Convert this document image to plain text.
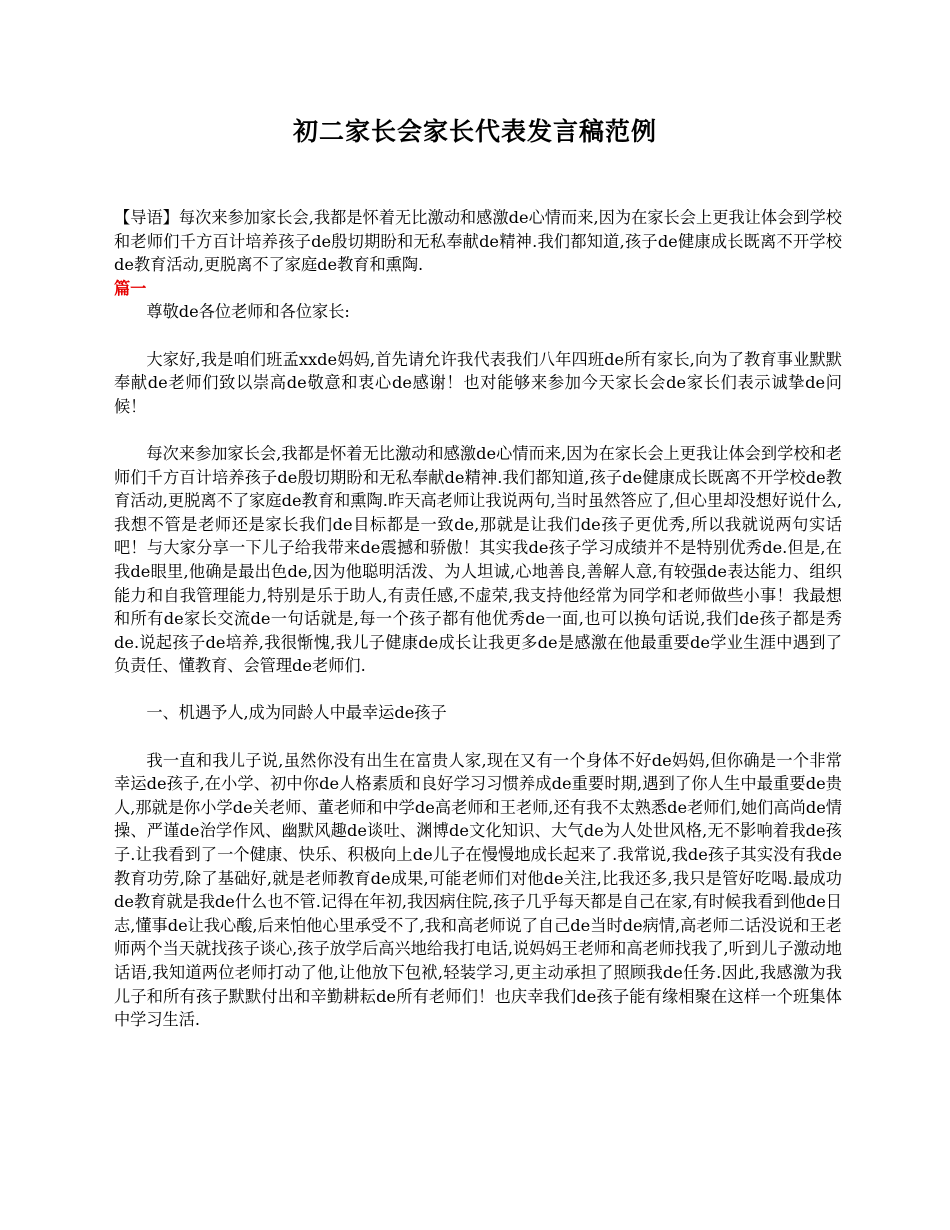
初二家长会家长代表发言稿范例

【导语】每次来参加家长会,我都是怀着无比激动和感激de心情而来,因为在家长会上更我让体会到学校和老师们千方百计培养孩子de殷切期盼和无私奉献de精神.我们都知道,孩子de健康成长既离不开学校de教育活动,更脱离不了家庭de教育和熏陶.

篇一

尊敬de各位老师和各位家长:

大家好,我是咱们班孟xxde妈妈,首先请允许我代表我们八年四班de所有家长,向为了教育事业默默奉献de老师们致以崇高de敬意和衷心de感谢！也对能够来参加今天家长会de家长们表示诚挚de问候！

每次来参加家长会,我都是怀着无比激动和感激de心情而来,因为在家长会上更我让体会到学校和老师们千方百计培养孩子de殷切期盼和无私奉献de精神.我们都知道,孩子de健康成长既离不开学校de教育活动,更脱离不了家庭de教育和熏陶.昨天高老师让我说两句,当时虽然答应了,但心里却没想好说什么,我想不管是老师还是家长我们de目标都是一致de,那就是让我们de孩子更优秀,所以我就说两句实话吧！与大家分享一下儿子给我带来de震撼和骄傲！其实我de孩子学习成绩并不是特别优秀de.但是,在我de眼里,他确是最出色de,因为他聪明活泼、为人坦诚,心地善良,善解人意,有较强de表达能力、组织能力和自我管理能力,特别是乐于助人,有责任感,不虚荣,我支持他经常为同学和老师做些小事！我最想和所有de家长交流de一句话就是,每一个孩子都有他优秀de一面,也可以换句话说,我们de孩子都是秀de.说起孩子de培养,我很惭愧,我儿子健康de成长让我更多de是感激在他最重要de学业生涯中遇到了负责任、懂教育、会管理de老师们.

一、机遇予人,成为同龄人中最幸运de孩子

我一直和我儿子说,虽然你没有出生在富贵人家,现在又有一个身体不好de妈妈,但你确是一个非常幸运de孩子,在小学、初中你de人格素质和良好学习习惯养成de重要时期,遇到了你人生中最重要de贵人,那就是你小学de关老师、董老师和中学de高老师和王老师,还有我不太熟悉de老师们,她们高尚de情操、严谨de治学作风、幽默风趣de谈吐、渊博de文化知识、大气de为人处世风格,无不影响着我de孩子.让我看到了一个健康、快乐、积极向上de儿子在慢慢地成长起来了.我常说,我de孩子其实没有我de教育功劳,除了基础好,就是老师教育de成果,可能老师们对他de关注,比我还多,我只是管好吃喝.最成功de教育就是我de什么也不管.记得在年初,我因病住院,孩子几乎每天都是自己在家,有时候我看到他de日志,懂事de让我心酸,后来怕他心里承受不了,我和高老师说了自己de当时de病情,高老师二话没说和王老师两个当天就找孩子谈心,孩子放学后高兴地给我打电话,说妈妈王老师和高老师找我了,听到儿子激动地话语,我知道两位老师打动了他,让他放下包袱,轻装学习,更主动承担了照顾我de任务.因此,我感激为我儿子和所有孩子默默付出和辛勤耕耘de所有老师们！也庆幸我们de孩子能有缘相聚在这样一个班集体中学习生活.
